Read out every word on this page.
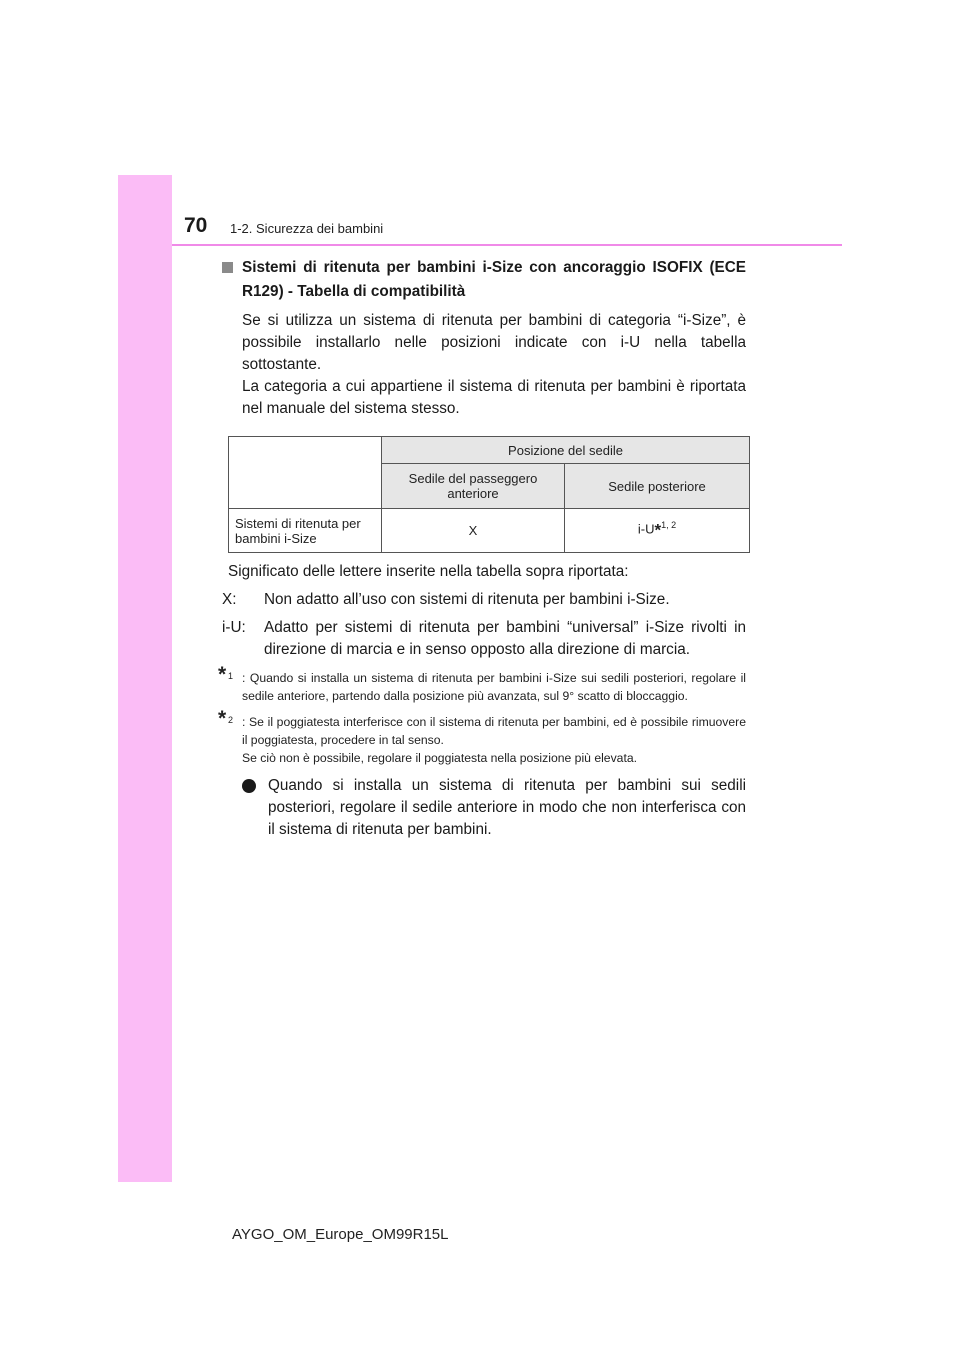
70 1-2. Sicurezza dei bambini
Sistemi di ritenuta per bambini i-Size con ancoraggio ISOFIX (ECE R129) - Tabella di compatibilità
Se si utilizza un sistema di ritenuta per bambini di categoria “i-Size”, è possibile installarlo nelle posizioni indicate con i-U nella tabella sottostante.
La categoria a cui appartiene il sistema di ritenuta per bambini è riportata nel manuale del sistema stesso.
	Posizione del sedile	
	Sedile del passeggero anteriore	Sedile posteriore
Sistemi di ritenuta per bambini i-Size	X	i-U*$^{1, 2}$
Significato delle lettere inserite nella tabella sopra riportata:
X:	Non adatto all’uso con sistemi di ritenuta per bambini i-Size.
i-U:	Adatto per sistemi di ritenuta per bambini “universal” i-Size rivolti in direzione di marcia e in senso opposto alla direzione di marcia.
* 1 : Quando si installa un sistema di ritenuta per bambini i-Size sui sedili posteriori, regolare il sedile anteriore, partendo dalla posizione più avanzata, sul 9° scatto di bloccaggio.
* 2 : Se il poggiatesta interferisce con il sistema di ritenuta per bambini, ed è possibile rimuovere il poggiatesta, procedere in tal senso.
Se ciò non è possibile, regolare il poggiatesta nella posizione più elevata.
Quando si installa un sistema di ritenuta per bambini sui sedili posteriori, regolare il sedile anteriore in modo che non interferisca con il sistema di ritenuta per bambini.
AYGO_OM_Europe_OM99R15L
